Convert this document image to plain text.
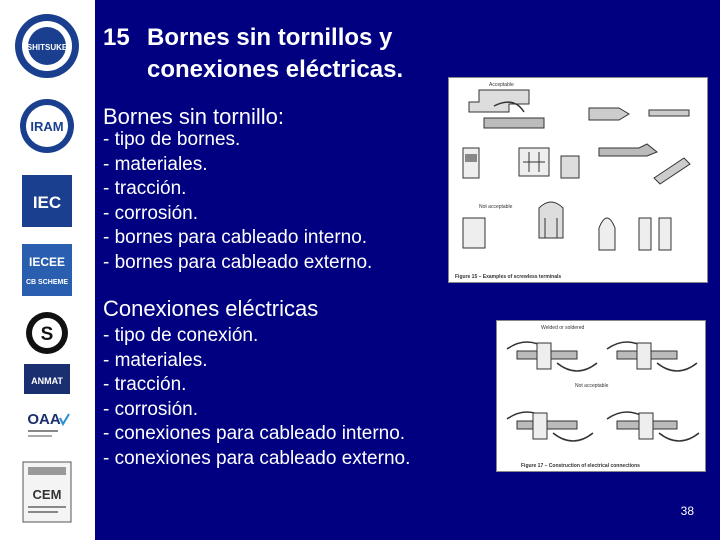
SHITSUKE
IRAM
IEC
IECEE
CB SCHEME
S
ANMAT
OAA
CEM
15 Bornes sin tornillos y
conexiones eléctricas.
Bornes sin tornillo:
- tipo de bornes.
- materiales.
- tracción.
- corrosión.
- bornes para cableado interno.
- bornes para cableado externo.
Acceptable
Not acceptable
Figure 15 – Examples of screwless terminals
Conexiones eléctricas
- tipo de conexión.
- materiales.
- tracción.
- corrosión.
- conexiones para cableado interno.
- conexiones para cableado externo.
Welded or soldered
Not acceptable
Figure 17 – Construction of electrical connections
38
